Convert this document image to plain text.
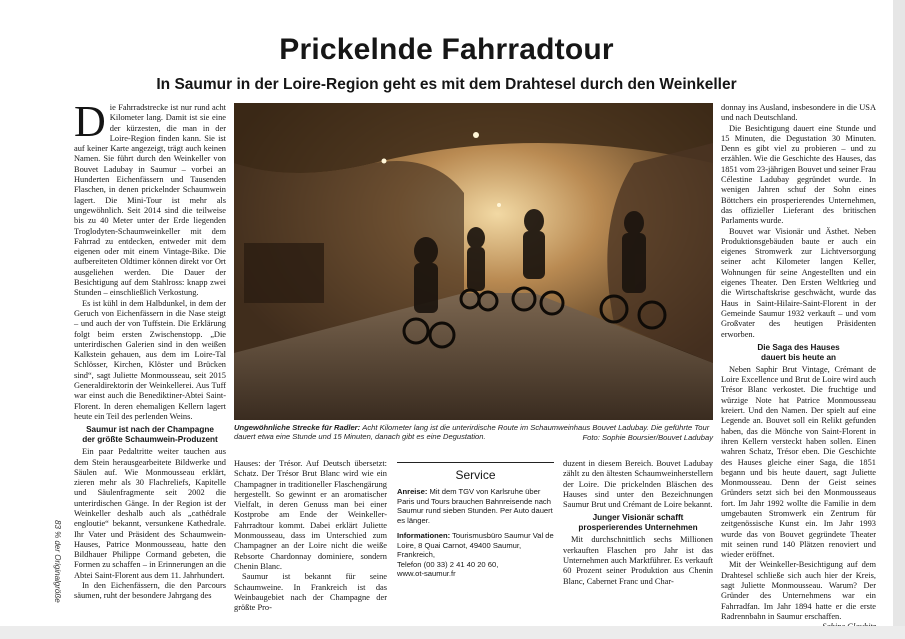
Prickelnde Fahrradtour
In Saumur in der Loire-Region geht es mit dem Drahtesel durch den Weinkeller

Die Fahrradstrecke ist nur rund acht Kilometer lang. Damit ist sie eine der kürzesten, die man in der Loire-Region finden kann. Sie ist auf keiner Karte angezeigt, trägt auch keinen Namen. Sie führt durch den Weinkeller von Bouvet Ladubay in Saumur – vorbei an Hunderten Eichenfässern und Tausenden Flaschen, in denen prickelnder Schaumwein lagert. Die Mini-Tour ist mehr als ungewöhnlich. Seit 2014 sind die teilweise bis zu 40 Meter unter der Erde liegenden Troglodyten-Schaumweinkeller mit dem Fahrrad zu entdecken, entweder mit dem eigenen oder mit einem Vintage-Bike. Die aufbereiteten Oldtimer können direkt vor Ort ausgeliehen werden. Die Dauer der Besichtigung auf dem Stahlross: knapp zwei Stunden – einschließlich Verkostung.

Es ist kühl in dem Halbdunkel, in dem der Geruch von Eichenfässern in die Nase steigt – und auch der von Tuffstein. Die Erklärung folgt beim ersten Zwischenstopp. „Die unterirdischen Galerien sind in den weißen Kalkstein gehauen, aus dem im Loire-Tal Schlösser, Kirchen, Klöster und Brücken sind“, sagt Juliette Monmousseau, seit 2015 Generaldirektorin der Weinkellerei. Aus Tuff war einst auch die Benediktiner-Abtei Saint-Florent. In deren ehemaligen Kellern lagert heute ein Teil des perlenden Weins.

Saumur ist nach der Champagne
der größte Schaumwein-Produzent

Ein paar Pedaltritte weiter tauchen aus dem Stein herausgearbeitete Bildwerke und Säulen auf. Wie Monmousseau erklärt, zieren mehr als 30 Flachreliefs, Kapitelle und Säulenfragmente seit 2002 die unterirdischen Gänge. In der Region ist der Weinkeller deshalb auch als „cathédrale engloutie“ bekannt, versunkene Kathedrale. Ihr Vater und Präsident des Schaumwein-Hauses, Patrice Monmousseau, hatte den Bildhauer Philippe Cormand gebeten, die Formen zu schaffen – in Erinnerungen an die Abtei Saint-Florent aus dem 11. Jahrhundert.

In den Eichenfässern, die den Parcours säumen, ruht der besondere Jahrgang des

Ungewöhnliche Strecke für Radler: Acht Kilometer lang ist die unterirdische Route im Schaumweinhaus Bouvet Ladubay. Die geführte Tour dauert etwa eine Stunde und 15 Minuten, danach gibt es eine Degustation.	Foto: Sophie Boursier/Bouvet Ladubay

Hauses: der Trésor. Auf Deutsch übersetzt: Schatz. Der Trésor Brut Blanc wird wie ein Champagner in traditioneller Flaschengärung hergestellt. So gewinnt er an aromatischer Vielfalt, in deren Genuss man bei einer Kostprobe am Ende der Weinkeller-Fahrradtour kommt. Dabei erklärt Juliette Monmousseau, dass im Unterschied zum Champagner an der Loire nicht die weiße Rebsorte Chardonnay dominiere, sondern Chenin Blanc.

Saumur ist bekannt für seine Schaumweine. In Frankreich ist das Weinbaugebiet nach der Champagne der größte Pro-

Service

Anreise: Mit dem TGV von Karlsruhe über Paris und Tours brauchen Bahnreisende nach Saumur rund sieben Stunden. Per Auto dauert es länger.

Informationen: Tourismusbüro Saumur Val de Loire, 8 Quai Carnot, 49400 Saumur, Frankreich,
Telefon (00 33) 2 41 40 20 60,
www.ot-saumur.fr

duzent in diesem Bereich. Bouvet Ladubay zählt zu den ältesten Schaumweinherstellern der Loire. Die prickelnden Bläschen des Hauses sind unter den Bezeichnungen Saumur Brut und Crémant de Loire bekannt.

Junger Visionär schafft
prosperierendes Unternehmen

Mit durchschnittlich sechs Millionen verkauften Flaschen pro Jahr ist das Unternehmen auch Marktführer. Es verkauft 60 Prozent seiner Produktion aus Chenin Blanc, Cabernet Franc und Char-

donnay ins Ausland, insbesondere in die USA und nach Deutschland.

Die Besichtigung dauert eine Stunde und 15 Minuten, die Degustation 30 Minuten. Denn es gibt viel zu probieren – und zu erzählen. Wie die Geschichte des Hauses, das 1851 vom 23-jährigen Bouvet und seiner Frau Célestine Ladubay gegründet wurde. In wenigen Jahren schuf der Sohn eines Böttchers ein prosperierendes Unternehmen, das offizieller Lieferant des britischen Parlaments wurde.

Bouvet war Visionär und Ästhet. Neben Produktionsgebäuden baute er auch ein eigenes Stromwerk zur Lichtversorgung seiner acht Kilometer langen Keller, Wohnungen für seine Angestellten und ein eigenes Theater. Den Ersten Weltkrieg und die Wirtschaftskrise geschwächt, wurde das Haus in Saint-Hilaire-Saint-Florent in der Gemeinde Saumur 1932 verkauft – und vom Großvater des heutigen Präsidenten erworben.

Die Saga des Hauses
dauert bis heute an

Neben Saphir Brut Vintage, Crémant de Loire Excellence und Brut de Loire wird auch Trésor Blanc verkostet. Die fruchtige und würzige Note hat Patrice Monmousseau kreiert. Und den Namen. Der spielt auf eine Legende an. Bouvet soll ein Relikt gefunden haben, das die Mönche von Saint-Florent in ihren Kellern versteckt haben sollen. Einen wahren Schatz, Trésor eben. Die Geschichte des Hauses gleiche einer Saga, die 1851 begann und bis heute dauert, sagt Juliette Monmousseau. Denn der Geist seines Gründers setzt sich bei den Monmousseaus fort. Im Jahr 1992 wollte die Familie in dem umgebauten Stromwerk ein Zentrum für zeitgenössische Kunst ein. Im Jahr 1993 wurde das von Bouvet gegründete Theater mit seinen rund 140 Plätzen renoviert und wieder eröffnet.

Mit der Weinkeller-Besichtigung auf dem Drahtesel schließe sich auch hier der Kreis, sagt Juliette Monmousseau. Warum? Der Gründer des Unternehmens war ein Fahrradfan. Im Jahr 1894 hatte er die erste Radrennbahn in Saumur erschaffen.

83 % der Originalgröße
